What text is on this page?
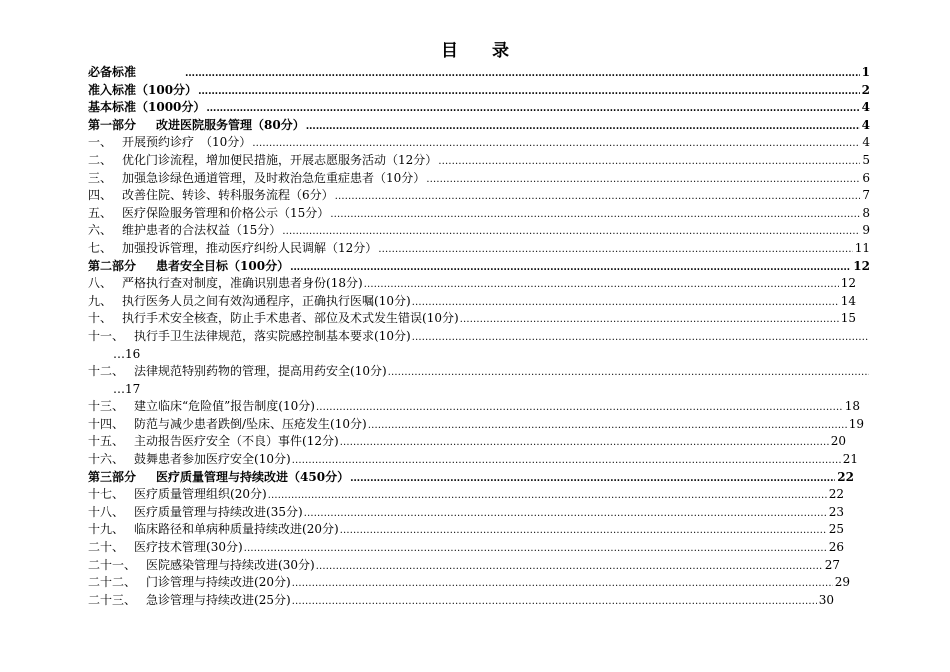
目　　录
必备标准
　　　　 ……………………………………………………………………………………………………………………………………………………………………………………………………	1
准入标准（100分） ……………………………………………………………………………………………………………………………………………………………………………………………………	2
基本标准（1000分） ……………………………………………………………………………………………………………………………………………………………………………………………………	4
第一部分 　改进医院服务管理（80分） ……………………………………………………………………………………………………………………………………………………………………………………………………	4
一、 开展预约诊疗　（10分） ……………………………………………………………………………………………………………………………………………………………………………………………………	4
二、 优化门诊流程，增加便民措施，开展志愿服务活动（12分） ……………………………………………………………………………………………………………………………………………………………………………………………………	5
三、 加强急诊绿色通道管理，及时救治急危重症患者（10分） ……………………………………………………………………………………………………………………………………………………………………………………………………	6
四、 改善住院、转诊、转科服务流程（6分） ……………………………………………………………………………………………………………………………………………………………………………………………………	7
五、 医疗保险服务管理和价格公示（15分） ……………………………………………………………………………………………………………………………………………………………………………………………………	8
六、 维护患者的合法权益（15分） ……………………………………………………………………………………………………………………………………………………………………………………………………	9
七、 加强投诉管理，推动医疗纠纷人民调解（12分） ……………………………………………………………………………………………………………………………………………………………………………………………………	11
第二部分 　患者安全目标（100分） ……………………………………………………………………………………………………………………………………………………………………………………………………	12
八、 严格执行查对制度，准确识别患者身份(18分) ……………………………………………………………………………………………………………………………………………………………………………………………………	12
九、 执行医务人员之间有效沟通程序，正确执行医嘱(10分) ……………………………………………………………………………………………………………………………………………………………………………………………………	14
十、 执行手术安全核查，防止手术患者、部位及术式发生错误(10分) ……………………………………………………………………………………………………………………………………………………………………………………………………	15
十一、 执行手卫生法律规范，落实院感控制基本要求(10分)
……………………………………………………………………………………………………………………………………………………………………………………………………
…16
十二、 法律规范特别药物的管理，提高用药安全(10分)
……………………………………………………………………………………………………………………………………………………………………………………………………
…17
十三、 建立临床“危险值”报告制度(10分) ……………………………………………………………………………………………………………………………………………………………………………………………………	18
十四、 防范与减少患者跌倒/坠床、压疮发生(10分) ……………………………………………………………………………………………………………………………………………………………………………………………………	19
十五、 主动报告医疗安全（不良）事件(12分) ……………………………………………………………………………………………………………………………………………………………………………………………………	20
十六、 鼓舞患者参加医疗安全(10分) ……………………………………………………………………………………………………………………………………………………………………………………………………	21
第三部分 　医疗质量管理与持续改进（450分） ……………………………………………………………………………………………………………………………………………………………………………………………………	22
十七、 医疗质量管理组织(20分) ……………………………………………………………………………………………………………………………………………………………………………………………………	22
十八、 医疗质量管理与持续改进(35分) ……………………………………………………………………………………………………………………………………………………………………………………………………	23
十九、 临床路径和单病种质量持续改进(20分) ……………………………………………………………………………………………………………………………………………………………………………………………………	25
二十、 医疗技术管理(30分) ……………………………………………………………………………………………………………………………………………………………………………………………………	26
二十一、 医院感染管理与持续改进(30分) ……………………………………………………………………………………………………………………………………………………………………………………………………	27
二十二、 门诊管理与持续改进(20分) ……………………………………………………………………………………………………………………………………………………………………………………………………	29
二十三、 急诊管理与持续改进(25分) ……………………………………………………………………………………………………………………………………………………………………………………………………	30
